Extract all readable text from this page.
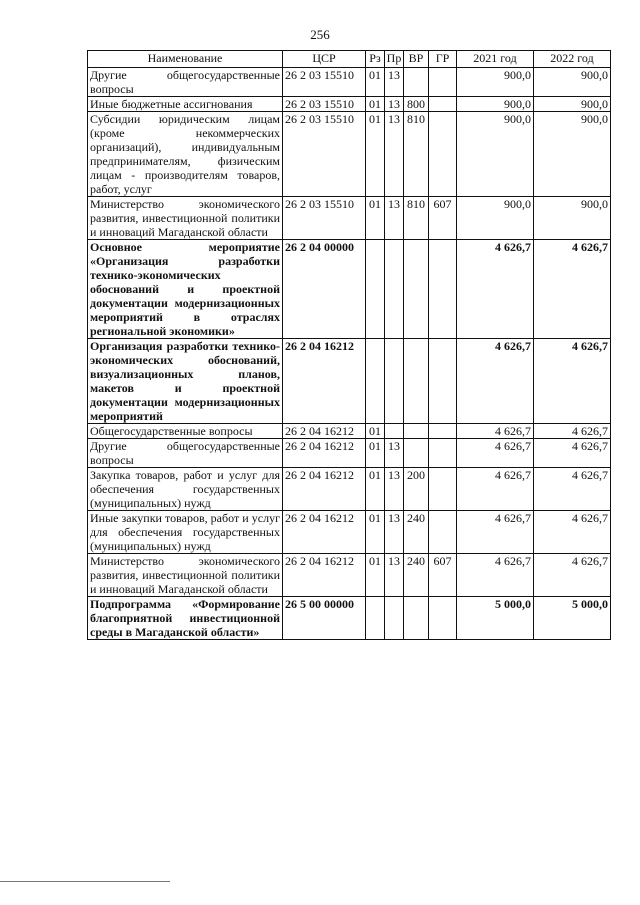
256
Наименование	ЦСР	Рз	Пр	ВР	ГР	2021 год	2022 год
Другие общегосударственные вопросы	26 2 03 15510	01	13			900,0	900,0
Иные бюджетные ассигнования	26 2 03 15510	01	13	800		900,0	900,0
Субсидии юридическим лицам (кроме некоммерческих организаций), индивидуальным предпринимателям, физическим лицам - производителям товаров, работ, услуг	26 2 03 15510	01	13	810		900,0	900,0
Министерство экономического развития, инвестиционной политики и инноваций Магаданской области	26 2 03 15510	01	13	810	607	900,0	900,0
Основное мероприятие «Организация разработки технико-экономических обоснований и проектной документации модернизационных мероприятий в отраслях региональной экономики»	26 2 04 00000					4 626,7	4 626,7
Организация разработки технико-экономических обоснований, визуализационных планов, макетов и проектной документации модернизационных мероприятий	26 2 04 16212					4 626,7	4 626,7
Общегосударственные вопросы	26 2 04 16212	01				4 626,7	4 626,7
Другие общегосударственные вопросы	26 2 04 16212	01	13			4 626,7	4 626,7
Закупка товаров, работ и услуг для обеспечения государственных (муниципальных) нужд	26 2 04 16212	01	13	200		4 626,7	4 626,7
Иные закупки товаров, работ и услуг для обеспечения государственных (муниципальных) нужд	26 2 04 16212	01	13	240		4 626,7	4 626,7
Министерство экономического развития, инвестиционной политики и инноваций Магаданской области	26 2 04 16212	01	13	240	607	4 626,7	4 626,7
Подпрограмма «Формирование благоприятной инвестиционной среды в Магаданской области»	26 5 00 00000					5 000,0	5 000,0
